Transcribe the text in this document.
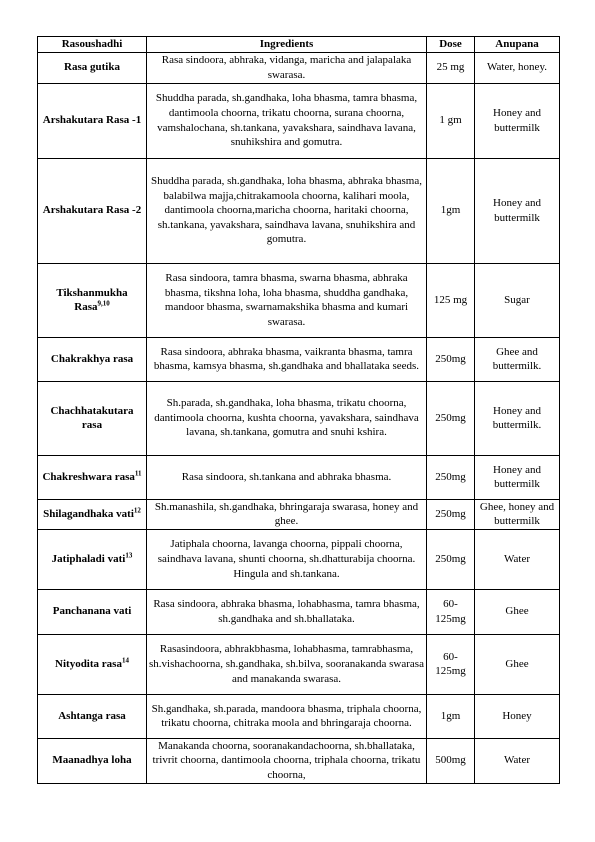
Rasoushadhi	Ingredients	Dose	Anupana
Rasa gutika	Rasa sindoora, abhraka, vidanga, maricha and jalapalaka swarasa.	25 mg	Water, honey.
Arshakutara Rasa -1	Shuddha parada, sh.gandhaka, loha bhasma, tamra bhasma, dantimoola choorna, trikatu choorna, surana choorna, vamshalochana, sh.tankana, yavakshara, saindhava lavana, snuhikshira and gomutra.	1 gm	Honey and buttermilk
Arshakutara Rasa -2	Shuddha parada, sh.gandhaka, loha bhasma, abhraka bhasma, balabilwa majja,chitrakamoola choorna, kalihari moola, dantimoola choorna,maricha choorna, haritaki choorna, sh.tankana, yavakshara, saindhava lavana, snuhikshira and gomutra.	1gm	Honey and buttermilk
Tikshanmukha Rasa$^{9,10}$	Rasa sindoora, tamra bhasma, swarna bhasma, abhraka bhasma, tikshna loha, loha bhasma, shuddha gandhaka, mandoor bhasma, swarnamakshika bhasma and kumari swarasa.	125 mg	Sugar
Chakrakhya rasa	Rasa sindoora, abhraka bhasma, vaikranta bhasma, tamra bhasma, kamsya bhasma, sh.gandhaka and bhallataka seeds.	250mg	Ghee and buttermilk.
Chachhatakutara rasa	Sh.parada, sh.gandhaka, loha bhasma, trikatu choorna, dantimoola choorna, kushta choorna, yavakshara, saindhava lavana, sh.tankana, gomutra and snuhi kshira.	250mg	Honey and buttermilk.
Chakreshwara rasa$^{11}$	Rasa sindoora, sh.tankana and abhraka bhasma.	250mg	Honey and buttermilk
Shilagandhaka vati$^{12}$	Sh.manashila, sh.gandhaka, bhringaraja swarasa, honey and ghee.	250mg	Ghee, honey and buttermilk
Jatiphaladi vati$^{13}$	Jatiphala choorna, lavanga choorna, pippali choorna, saindhava lavana, shunti choorna, sh.dhatturabija choorna. Hingula and sh.tankana.	250mg	Water
Panchanana vati	Rasa sindoora, abhraka bhasma, lohabhasma, tamra bhasma, sh.gandhaka and sh.bhallataka.	60-125mg	Ghee
Nityodita rasa$^{14}$	Rasasindoora, abhrakbhasma, lohabhasma, tamrabhasma, sh.vishachoorna, sh.gandhaka, sh.bilva, sooranakanda swarasa and manakanda swarasa.	60-125mg	Ghee
Ashtanga rasa	Sh.gandhaka, sh.parada, mandoora bhasma, triphala choorna, trikatu choorna, chitraka moola and bhringaraja choorna.	1gm	Honey
Maanadhya loha	Manakanda choorna, sooranakandachoorna, sh.bhallataka, trivrit choorna, dantimoola choorna, triphala choorna, trikatu choorna,	500mg	Water
